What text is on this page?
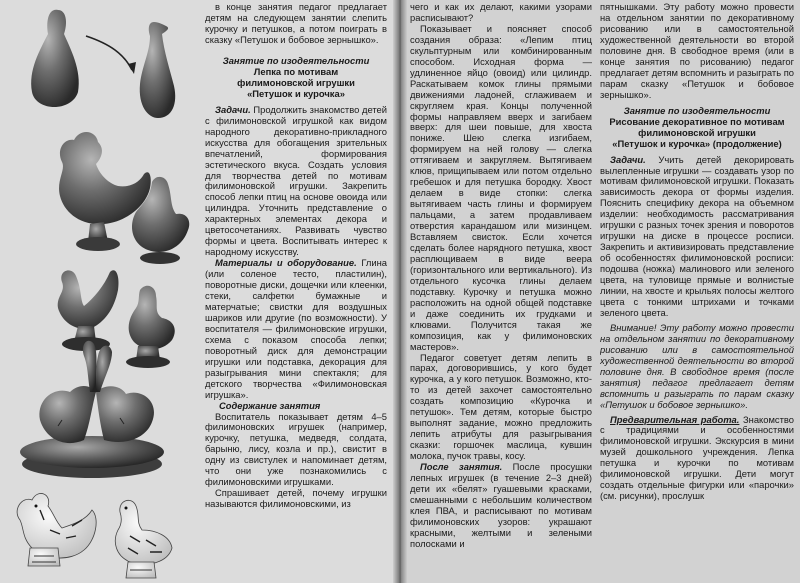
в конце занятия педагог предлагает детям на следующем занятии слепить курочку и петушков, а потом поиграть в сказку «Петушок и бобовое зернышко».

Занятие по изодеятельности
Лепка по мотивам
филимоновской игрушки
«Петушок и курочка»

Задачи. Продолжить знакомство детей с филимоновской игрушкой как видом народного декоративно-прикладного искусства для обогащения зрительных впечатлений, формирования эстетического вкуса. Создать условия для творчества детей по мотивам филимоновской игрушки. Закрепить способ лепки птиц на основе овоида или цилиндра. Уточнить представление о характерных элементах декора и цветосочетаниях. Развивать чувство формы и цвета. Воспитывать интерес к народному искусству.

Материалы и оборудование. Глина (или соленое тесто, пластилин), поворотные диски, дощечки или клеенки, стеки, салфетки бумажные и матерчатые; свистки для воздушных шариков или другие (по возможности). У воспитателя — филимоновские игрушки, схема с показом способа лепки; поворотный диск для демонстрации игрушки или подставка, декорация для разыгрывания мини спектакля; для детского творчества «Филимоновская игрушка».

Содержание занятия

Воспитатель показывает детям 4–5 филимоновских игрушек (например, курочку, петушка, медведя, солдата, барыню, лису, козла и пр.), свистит в одну из свистулек и напоминает детям, что они уже познакомились с филимоновскими игрушками.

Спрашивает детей, почему игрушки называются филимоновскими, из

чего и как их делают, какими узорами расписывают?

Показывает и поясняет способ создания образа: «Лепим птиц скульптурным или комбинированным способом. Исходная форма — удлиненное яйцо (овоид) или цилиндр. Раскатываем комок глины прямыми движениями ладоней, сглаживаем и скругляем края. Концы полученной формы направляем вверх и загибаем вверх: для шеи повыше, для хвоста пониже. Шею слегка изгибаем, формируем на ней голову — слегка оттягиваем и закругляем. Вытягиваем клюв, прищипываем или потом отдельно гребешок и для петушка бородку. Хвост делаем в виде стопки: слегка вытягиваем часть глины и формируем пальцами, а затем продавливаем отверстия карандашом или мизинцем. Вставляем свисток. Если хочется сделать более нарядного петушка, хвост расплющиваем в виде веера (горизонтального или вертикального). Из отдельного кусочка глины делаем подставку. Курочку и петушка можно расположить на одной общей подставке и даже соединить их грудками и клювами. Получится такая же композиция, как у филимоновских мастеров».

Педагог советует детям лепить в парах, договорившись, у кого будет курочка, а у кого петушок. Возможно, кто-то из детей захочет самостоятельно создать композицию «Курочка и петушок». Тем детям, которые быстро выполнят задание, можно предложить лепить атрибуты для разыгрывания сказки: горшочек маслица, кувшин молока, пучок травы, косу.

После занятия. После просушки лепных игрушек (в течение 2–3 дней) дети их «белят» гуашевыми красками, смешанными с небольшим количеством клея ПВА, и расписывают по мотивам филимоновских узоров: украшают красными, желтыми и зелеными полосками и

пятнышками. Эту работу можно провести на отдельном занятии по декоративному рисованию или в самостоятельной художественной деятельности во второй половине дня. В свободное время (или в конце занятия по рисованию) педагог предлагает детям вспомнить и разыграть по парам сказку «Петушок и бобовое зернышко».

Занятие по изодеятельности
Рисование декоративное по мотивам
филимоновской игрушки
«Петушок и курочка» (продолжение)

Задачи. Учить детей декорировать вылепленные игрушки — создавать узор по мотивам филимоновской игрушки. Показать зависимость декора от формы изделия. Пояснить специфику декора на объемном изделии: необходимость рассматривания игрушки с разных точек зрения и поворотов игрушки на диске в процессе росписи. Закрепить и активизировать представление об особенностях филимоновской росписи: подошва (ножка) малинового или зеленого цвета, на туловище прямые и волнистые линии, на хвосте и крыльях полосы желтого цвета с тонкими штрихами и точками зеленого цвета.

Внимание! Эту работу можно провести на отдельном занятии по декоративному рисованию или в самостоятельной художественной деятельности во второй половине дня. В свободное время (после занятия) педагог предлагает детям вспомнить и разыграть по парам сказку «Петушок и бобовое зернышко».

Предварительная работа. Знакомство с традициями и особенностями филимоновской игрушки. Экскурсия в мини музей дошкольного учреждения. Лепка петушка и курочки по мотивам филимоновской игрушки. Дети могут создать отдельные фигурки или «парочки» (см. рисунки), прослушк
